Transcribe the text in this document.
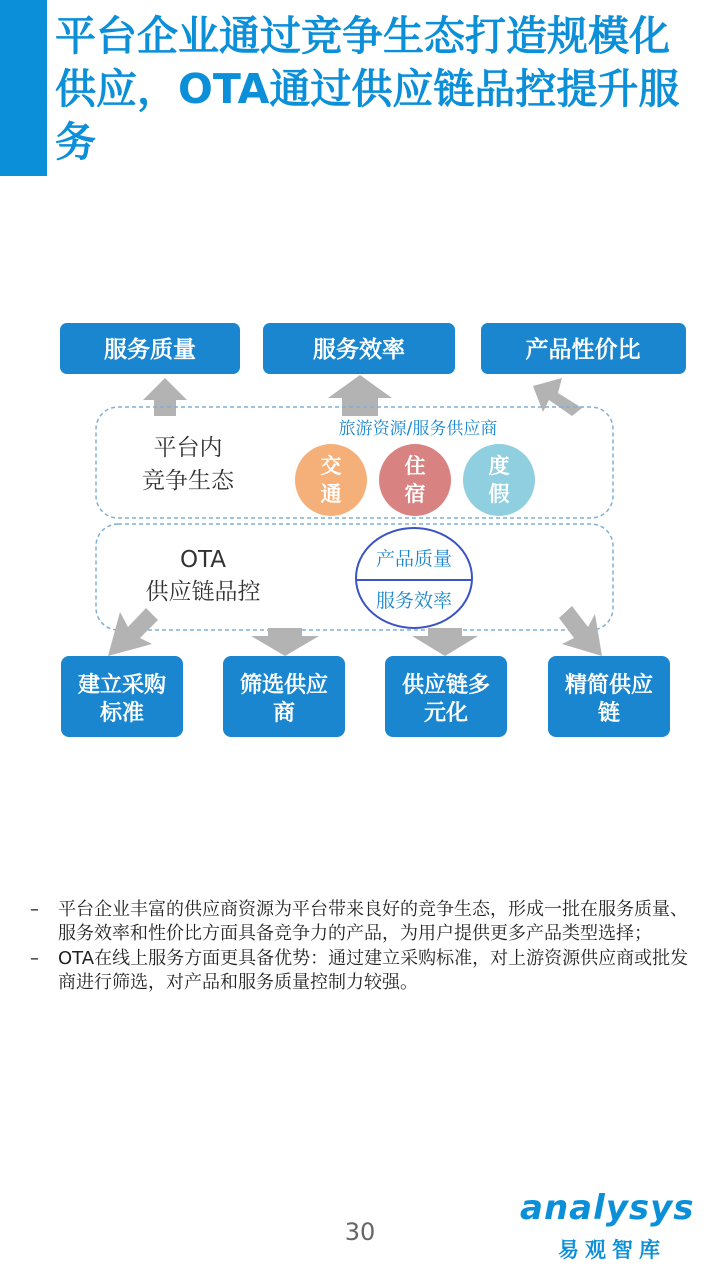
平台企业通过竞争生态打造规模化供应，OTA通过供应链品控提升服务
服务质量	服务效率	产品性价比
平台内
竞争生态
旅游资源/服务供应商
交
通
住
宿
度
假
OTA
供应链品控
产品质量
服务效率
建立采购
标准
筛选供应
商
供应链多
元化
精简供应
链
– 平台企业丰富的供应商资源为平台带来良好的竞争生态，形成一批在服务质量、服务效率和性价比方面具备竞争力的产品，为用户提供更多产品类型选择；
– OTA在线上服务方面更具备优势：通过建立采购标准，对上游资源供应商或批发商进行筛选，对产品和服务质量控制力较强。
30
analysys
易观智库
